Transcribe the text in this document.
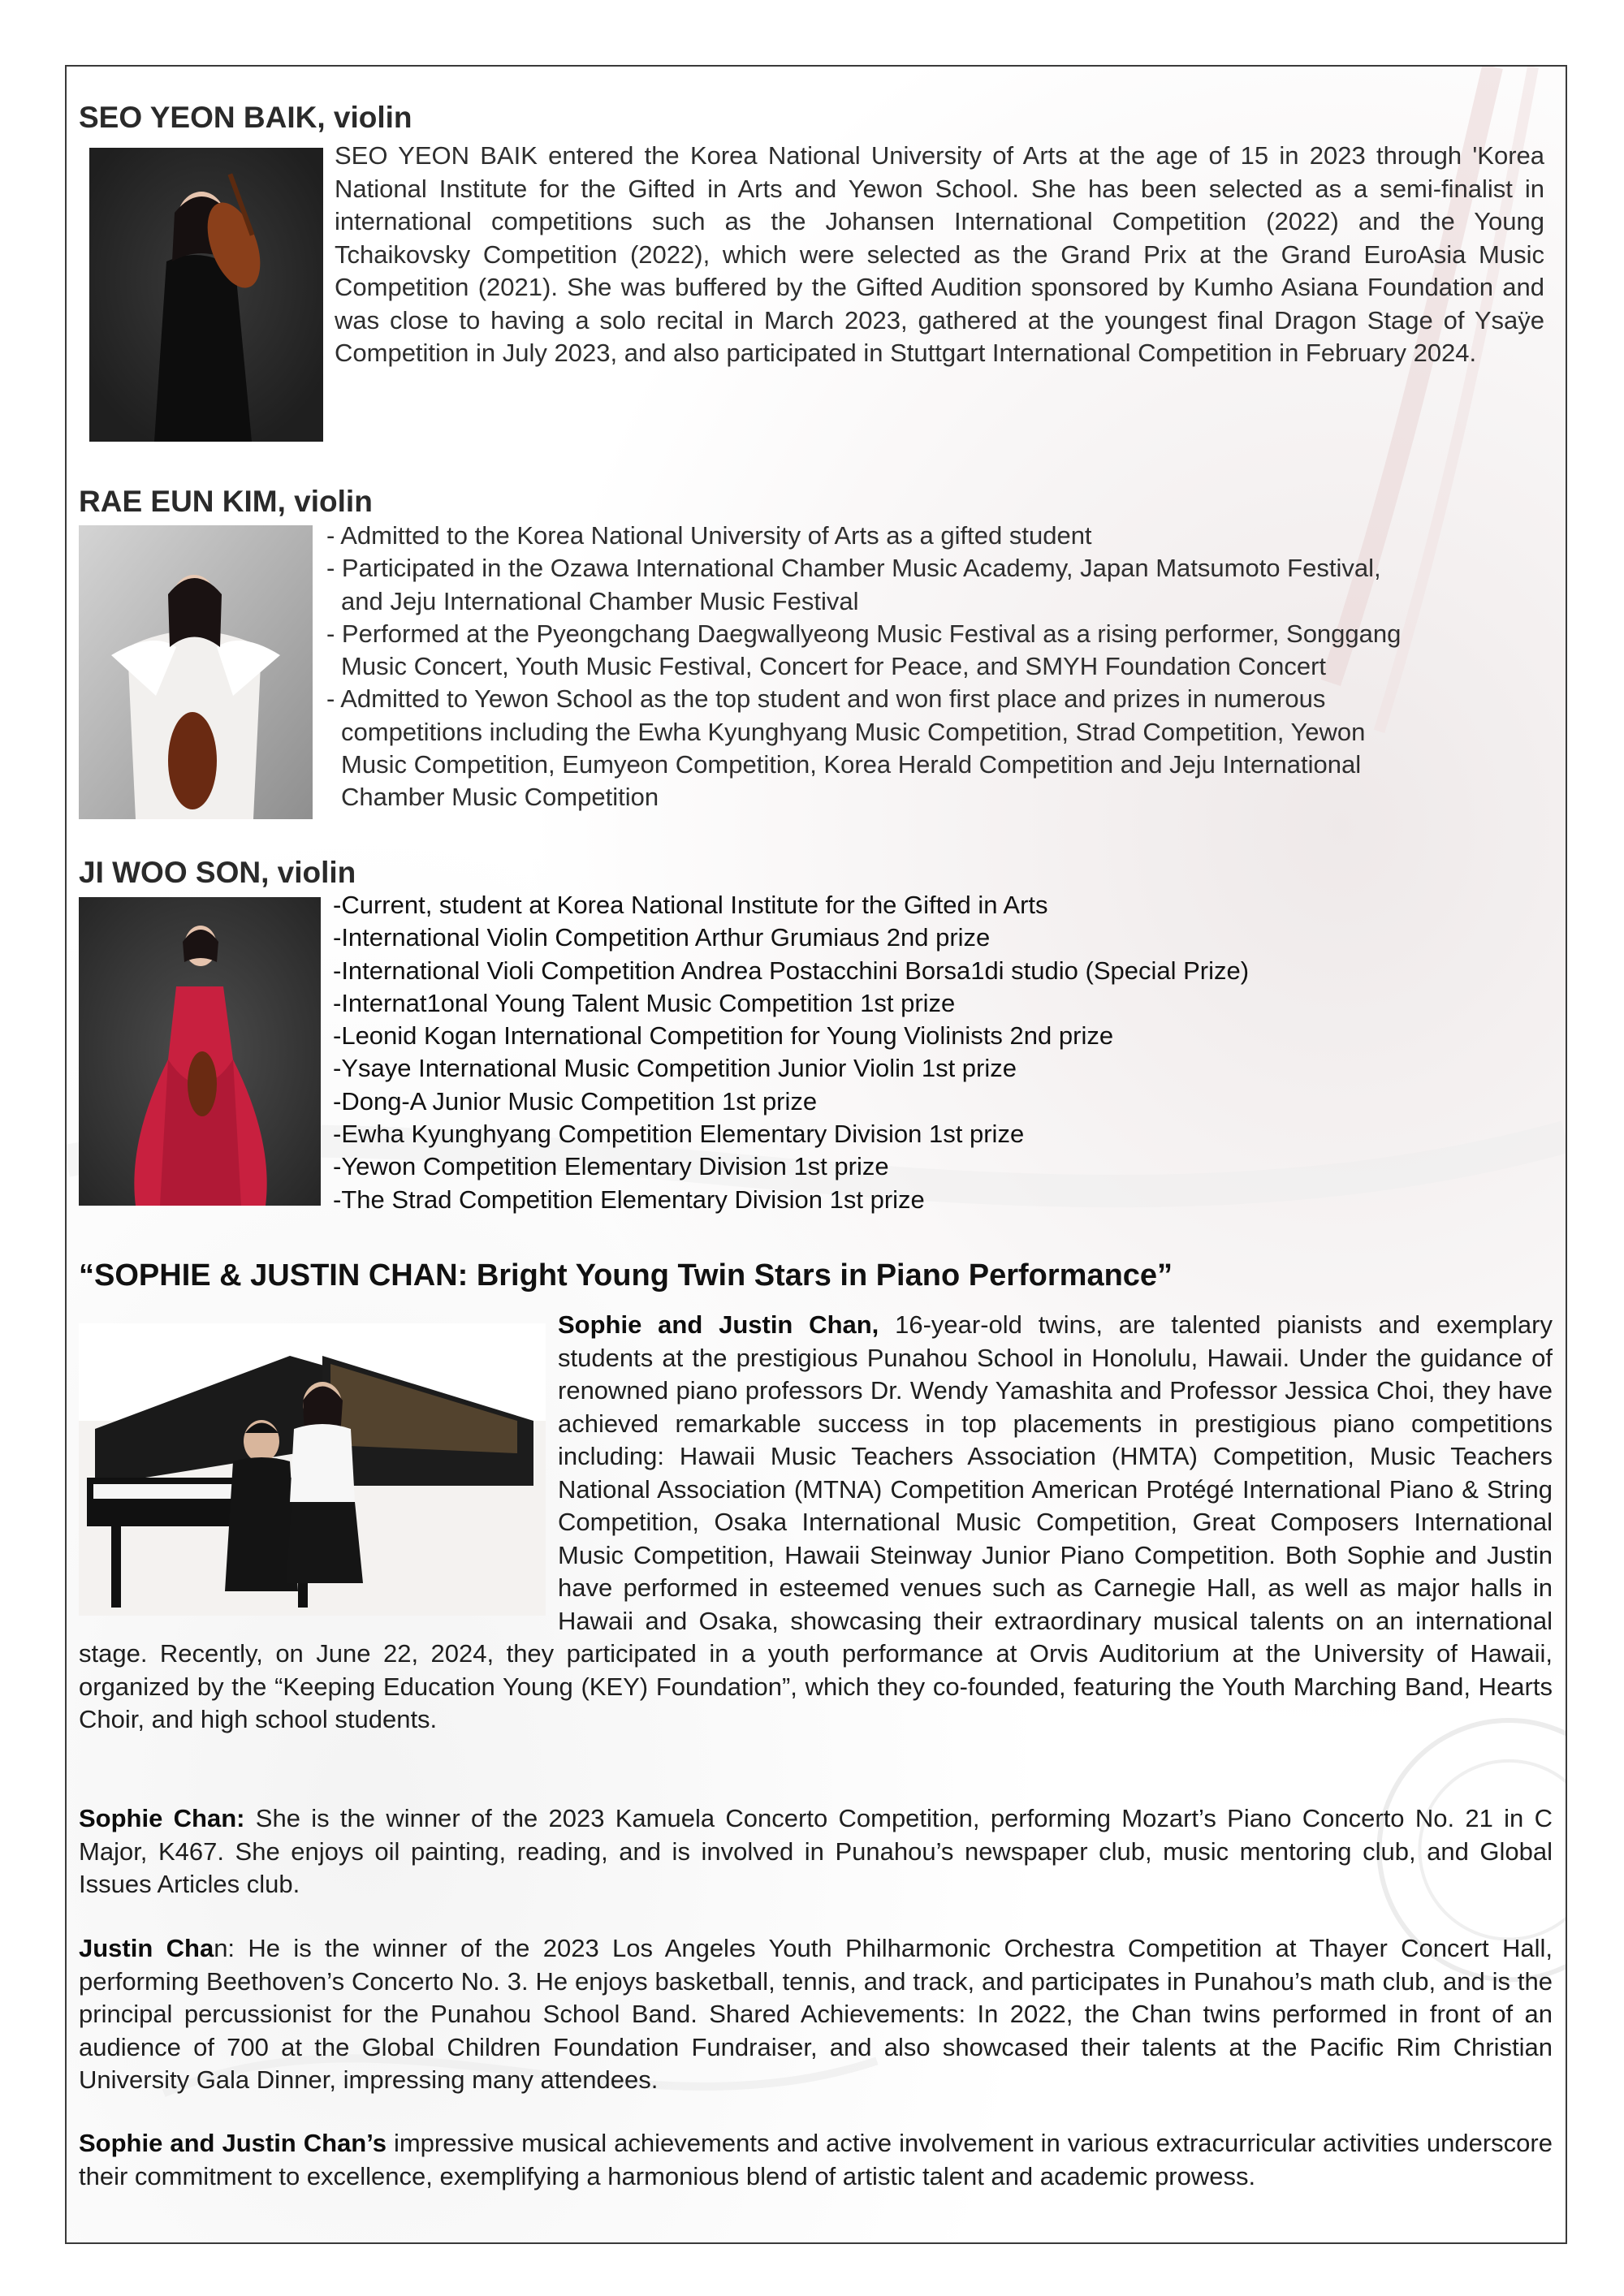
SEO YEON BAIK, violin

SEO YEON BAIK entered the Korea National University of Arts at the age of 15 in 2023 through 'Korea National Institute for the Gifted in Arts and Yewon School. She has been selected as a semi-finalist in international competitions such as the Johansen International Competition (2022) and the Young Tchaikovsky Competition (2022), which were selected as the Grand Prix at the Grand EuroAsia Music Competition (2021). She was buffered by the Gifted Audition sponsored by Kumho Asiana Foundation and was close to having a solo recital in March 2023, gathered at the youngest final Dragon Stage of Ysaÿe Competition in July 2023, and also participated in Stuttgart International Competition in February 2024.

RAE EUN KIM, violin
- Admitted to the Korea National University of Arts as a gifted student
- Participated in the Ozawa International Chamber Music Academy, Japan Matsumoto Festival,
and Jeju International Chamber Music Festival
- Performed at the Pyeongchang Daegwallyeong Music Festival as a rising performer, Songgang
Music Concert, Youth Music Festival, Concert for Peace, and SMYH Foundation Concert
- Admitted to Yewon School as the top student and won first place and prizes in numerous
competitions including the Ewha Kyunghyang Music Competition, Strad Competition, Yewon
Music Competition, Eumyeon Competition, Korea Herald Competition and Jeju International
Chamber Music Competition
JI WOO SON, violin
-Current, student at Korea National Institute for the Gifted in Arts
-International Violin Competition Arthur Grumiaus 2nd prize
-International Violi Competition Andrea Postacchini Borsa1di studio (Special Prize)
-Internat1onal Young Talent Music Competition 1st prize
-Leonid Kogan International Competition for Young Violinists 2nd prize
-Ysaye International Music Competition Junior Violin 1st prize
-Dong-A Junior Music Competition 1st prize
-Ewha Kyunghyang Competition Elementary Division 1st prize
-Yewon Competition Elementary Division 1st prize
-The Strad Competition Elementary Division 1st prize
“SOPHIE & JUSTIN CHAN: Bright Young Twin Stars in Piano Performance”

Sophie and Justin Chan, 16-year-old twins, are talented pianists and exemplary students at the prestigious Punahou School in Honolulu, Hawaii. Under the guidance of renowned piano professors Dr. Wendy Yamashita and Professor Jessica Choi, they have achieved remarkable success in top placements in prestigious piano competitions including: Hawaii Music Teachers Association (HMTA) Competition, Music Teachers National Association (MTNA) Competition American Protégé International Piano & String Competition, Osaka International Music Competition, Great Composers International Music Competition, Hawaii Steinway Junior Piano Competition. Both Sophie and Justin have performed in esteemed venues such as Carnegie Hall, as well as major halls in Hawaii and Osaka, showcasing their extraordinary musical talents on an international stage. Recently, on June 22, 2024, they participated in a youth performance at Orvis Auditorium at the University of Hawaii, organized by the “Keeping Education Young (KEY) Foundation”, which they co-founded, featuring the Youth Marching Band, Hearts Choir, and high school students.

Sophie Chan: She is the winner of the 2023 Kamuela Concerto Competition, performing Mozart’s Piano Concerto No. 21 in C Major, K467. She enjoys oil painting, reading, and is involved in Punahou’s newspaper club, music mentoring club, and Global Issues Articles club.

Justin Chan: He is the winner of the 2023 Los Angeles Youth Philharmonic Orchestra Competition at Thayer Concert Hall, performing Beethoven’s Concerto No. 3. He enjoys basketball, tennis, and track, and participates in Punahou’s math club, and is the principal percussionist for the Punahou School Band. Shared Achievements: In 2022, the Chan twins performed in front of an audience of 700 at the Global Children Foundation Fundraiser, and also showcased their talents at the Pacific Rim Christian University Gala Dinner, impressing many attendees.

Sophie and Justin Chan’s impressive musical achievements and active involvement in various extracurricular activities underscore their commitment to excellence, exemplifying a harmonious blend of artistic talent and academic prowess.
